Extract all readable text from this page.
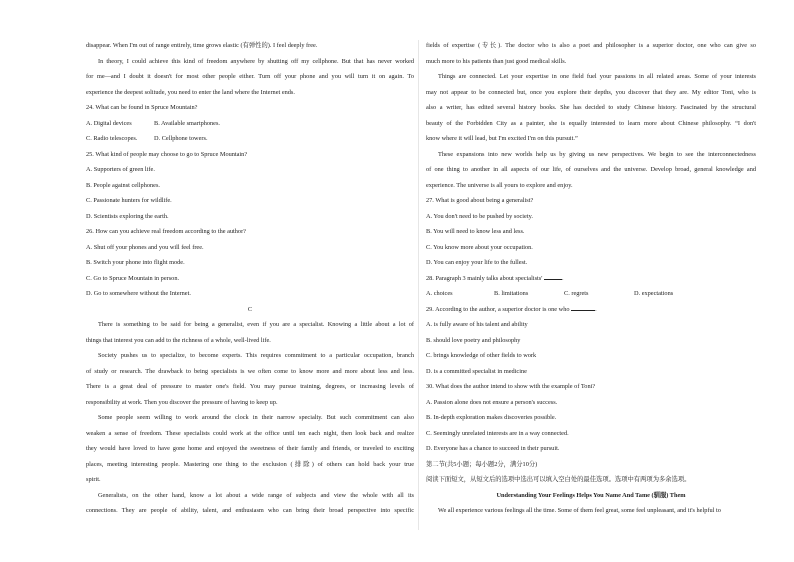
disappear. When I'm out of range entirely, time grows elastic (有弹性的). I feel deeply free.

In theory, I could achieve this kind of freedom anywhere by shutting off my cellphone. But that has never worked

for me—and I doubt it doesn't for most other people either. Turn off your phone and you will turn it on again. To

experience the deepest solitude, you need to enter the land where the Internet ends.

24. What can be found in Spruce Mountain?

A. Digital devices	B. Available smartphones.
C. Radio telescopes.	D. Cellphone towers.

25. What kind of people may choose to go to Spruce Mountain?

A. Supporters of green life.

B. People against cellphones.

C. Passionate hunters for wildlife.

D. Scientists exploring the earth.

26. How can you achieve real freedom according to the author?

A. Shut off your phones and you will feel free.

B. Switch your phone into flight mode.

C. Go to Spruce Mountain in person.

D. Go to somewhere without the Internet.

C

There is something to be said for being a generalist, even if you are a specialist. Knowing a little about a lot of

things that interest you can add to the richness of a whole, well-lived life.

Society pushes us to specialize, to become experts. This requires commitment to a particular occupation, branch

of study or research. The drawback to being specialists is we often come to know more and more about less and less.

There is a great deal of pressure to master one's field. You may pursue training, degrees, or increasing levels of

responsibility at work. Then you discover the pressure of having to keep up.

Some people seem willing to work around the clock in their narrow specialty. But such commitment can also

weaken a sense of freedom. These specialists could work at the office until ten each night, then look back and realize

they would have loved to have gone home and enjoyed the sweetness of their family and friends, or traveled to exciting

places, meeting interesting people. Mastering one thing to the exclusion (排除) of others can hold back your true

spirit.

Generalists, on the other hand, know a lot about a wide range of subjects and view the whole with all its

connections. They are people of ability, talent, and enthusiasm who can bring their broad perspective into specific

fields of expertise (专长). The doctor who is also a poet and philosopher is a superior doctor, one who can give so

much more to his patients than just good medical skills.

Things are connected. Let your expertise in one field fuel your passions in all related areas. Some of your interests

may not appear to be connected but, once you explore their depths, you discover that they are. My editor Toni, who is

also a writer, has edited several history books. She has decided to study Chinese history. Fascinated by the structural

beauty of the Forbidden City as a painter, she is equally interested to learn more about Chinese philosophy. “I don't

know where it will lead, but I'm excited I'm on this pursuit.”

These expansions into new worlds help us by giving us new perspectives. We begin to see the interconnectedness

of one thing to another in all aspects of our life, of ourselves and the universe. Develop broad, general knowledge and

experience. The universe is all yours to explore and enjoy.

27. What is good about being a generalist?

A. You don't need to be pushed by society.

B. You will need to know less and less.

C. You know more about your occupation.

D. You can enjoy your life to the fullest.

28. Paragraph 3 mainly talks about specialists'	.

A. choices	B. limitations	C. regrets	D. expectations

29. According to the author, a superior doctor is one who	.

A. is fully aware of his talent and ability

B. should love poetry and philosophy

C. brings knowledge of other fields to work

D. is a committed specialist in medicine

30. What does the author intend to show with the example of Toni?

A. Passion alone does not ensure a person's success.

B. In-depth exploration makes discoveries possible.

C. Seemingly unrelated interests are in a way connected.

D. Everyone has a chance to succeed in their pursuit.

第二节(共5小题；每小题2分，满分10分)

阅读下面短文，从短文后的选项中选出可以填入空白处的最佳选项。选项中有两项为多余选项。

Understanding Your Feelings Helps You Name And Tame (驯服) Them

We all experience various feelings all the time. Some of them feel great, some feel unpleasant, and it's helpful to
